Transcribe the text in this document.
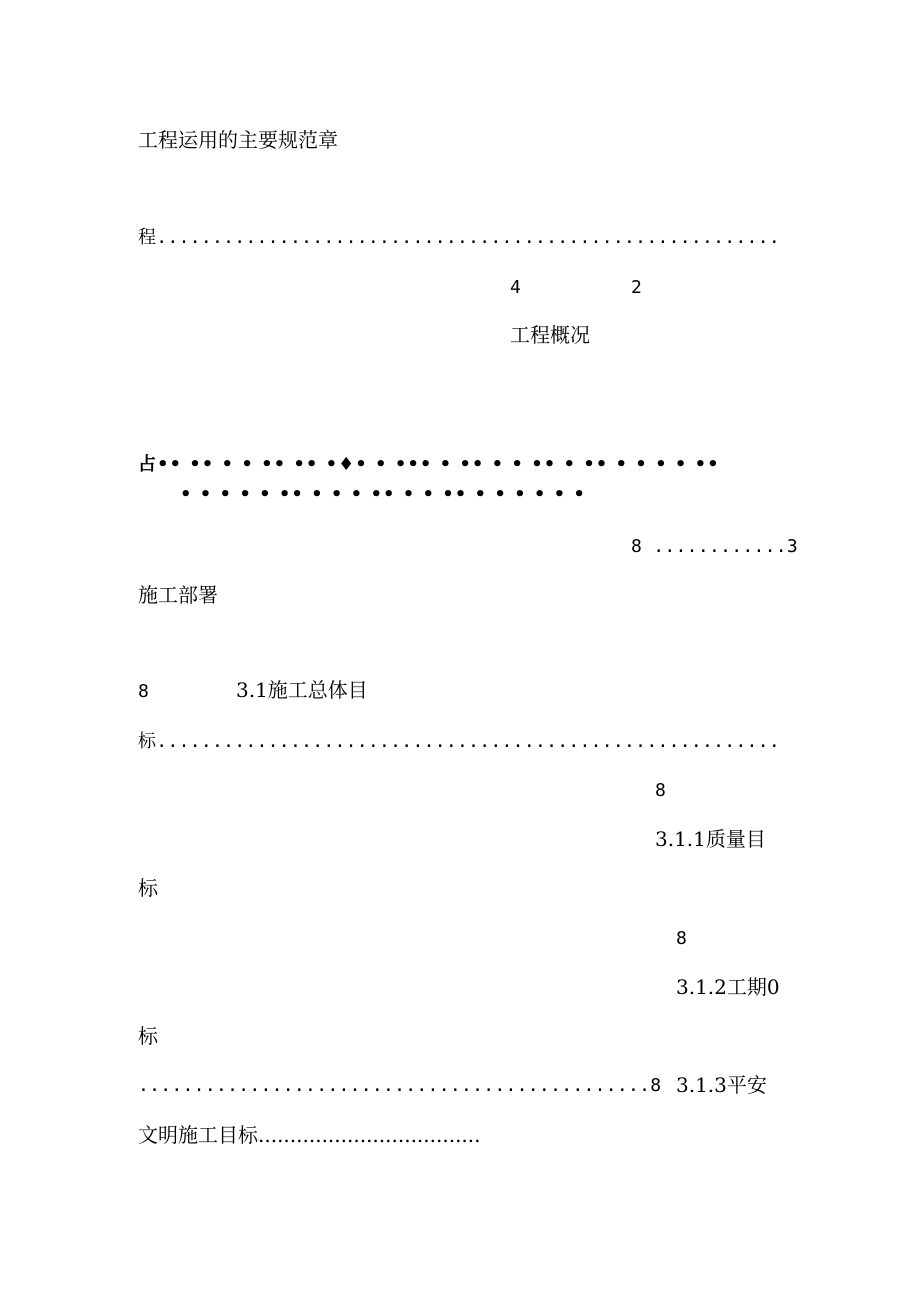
工程运用的主要规范章
程........................................................
4	2
工程概况
占•• •• • • •• •• •♦• • ••• • •• • • •• • •• • • • • ••
• • • • • •• • • • •• • • •• • • • • • •
8 ............3
施工部署
8	3.1施工总体目
标........................................................
8
3.1.1质量目
标
8
3.1.2工期0
标
..............................................8 3.1.3平安
文明施工目标...................................
